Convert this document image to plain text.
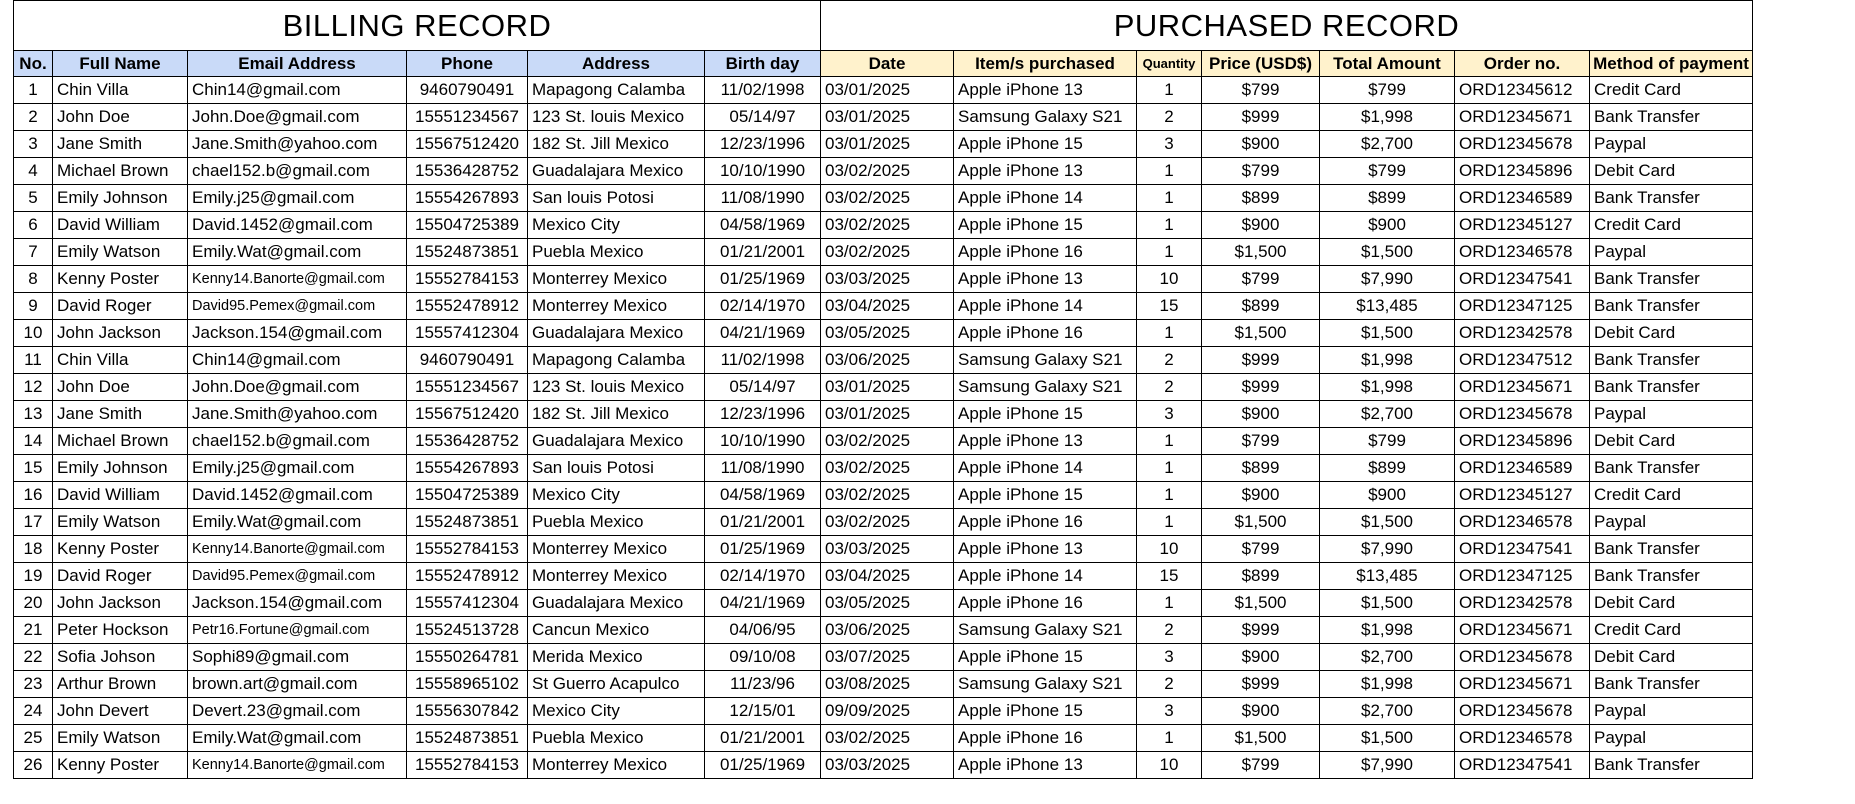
BILLING RECORD						PURCHASED RECORD						
No.	Full Name	Email Address	Phone	Address	Birth day	Date	Item/s purchased	Quantity	Price (USD$)	Total Amount	Order no.	Method of payment
1	Chin Villa	Chin14@gmail.com	9460790491	Mapagong Calamba	11/02/1998	03/01/2025	Apple iPhone 13	1	$799	$799	ORD12345612	Credit Card
2	John Doe	John.Doe@gmail.com	15551234567	123 St. louis Mexico	05/14/97	03/01/2025	Samsung Galaxy S21	2	$999	$1,998	ORD12345671	Bank Transfer
3	Jane Smith	Jane.Smith@yahoo.com	15567512420	182 St. Jill Mexico	12/23/1996	03/01/2025	Apple iPhone 15	3	$900	$2,700	ORD12345678	Paypal
4	Michael Brown	chael152.b@gmail.com	15536428752	Guadalajara Mexico	10/10/1990	03/02/2025	Apple iPhone 13	1	$799	$799	ORD12345896	Debit Card
5	Emily Johnson	Emily.j25@gmail.com	15554267893	San louis Potosi	11/08/1990	03/02/2025	Apple iPhone 14	1	$899	$899	ORD12346589	Bank Transfer
6	David William	David.1452@gmail.com	15504725389	Mexico City	04/58/1969	03/02/2025	Apple iPhone 15	1	$900	$900	ORD12345127	Credit Card
7	Emily Watson	Emily.Wat@gmail.com	15524873851	Puebla Mexico	01/21/2001	03/02/2025	Apple iPhone 16	1	$1,500	$1,500	ORD12346578	Paypal
8	Kenny Poster	Kenny14.Banorte@gmail.com	15552784153	Monterrey Mexico	01/25/1969	03/03/2025	Apple iPhone 13	10	$799	$7,990	ORD12347541	Bank Transfer
9	David Roger	David95.Pemex@gmail.com	15552478912	Monterrey Mexico	02/14/1970	03/04/2025	Apple iPhone 14	15	$899	$13,485	ORD12347125	Bank Transfer
10	John Jackson	Jackson.154@gmail.com	15557412304	Guadalajara Mexico	04/21/1969	03/05/2025	Apple iPhone 16	1	$1,500	$1,500	ORD12342578	Debit Card
11	Chin Villa	Chin14@gmail.com	9460790491	Mapagong Calamba	11/02/1998	03/06/2025	Samsung Galaxy S21	2	$999	$1,998	ORD12347512	Bank Transfer
12	John Doe	John.Doe@gmail.com	15551234567	123 St. louis Mexico	05/14/97	03/01/2025	Samsung Galaxy S21	2	$999	$1,998	ORD12345671	Bank Transfer
13	Jane Smith	Jane.Smith@yahoo.com	15567512420	182 St. Jill Mexico	12/23/1996	03/01/2025	Apple iPhone 15	3	$900	$2,700	ORD12345678	Paypal
14	Michael Brown	chael152.b@gmail.com	15536428752	Guadalajara Mexico	10/10/1990	03/02/2025	Apple iPhone 13	1	$799	$799	ORD12345896	Debit Card
15	Emily Johnson	Emily.j25@gmail.com	15554267893	San louis Potosi	11/08/1990	03/02/2025	Apple iPhone 14	1	$899	$899	ORD12346589	Bank Transfer
16	David William	David.1452@gmail.com	15504725389	Mexico City	04/58/1969	03/02/2025	Apple iPhone 15	1	$900	$900	ORD12345127	Credit Card
17	Emily Watson	Emily.Wat@gmail.com	15524873851	Puebla Mexico	01/21/2001	03/02/2025	Apple iPhone 16	1	$1,500	$1,500	ORD12346578	Paypal
18	Kenny Poster	Kenny14.Banorte@gmail.com	15552784153	Monterrey Mexico	01/25/1969	03/03/2025	Apple iPhone 13	10	$799	$7,990	ORD12347541	Bank Transfer
19	David Roger	David95.Pemex@gmail.com	15552478912	Monterrey Mexico	02/14/1970	03/04/2025	Apple iPhone 14	15	$899	$13,485	ORD12347125	Bank Transfer
20	John Jackson	Jackson.154@gmail.com	15557412304	Guadalajara Mexico	04/21/1969	03/05/2025	Apple iPhone 16	1	$1,500	$1,500	ORD12342578	Debit Card
21	Peter Hockson	Petr16.Fortune@gmail.com	15524513728	Cancun Mexico	04/06/95	03/06/2025	Samsung Galaxy S21	2	$999	$1,998	ORD12345671	Credit Card
22	Sofia Johson	Sophi89@gmail.com	15550264781	Merida Mexico	09/10/08	03/07/2025	Apple iPhone 15	3	$900	$2,700	ORD12345678	Debit Card
23	Arthur Brown	brown.art@gmail.com	15558965102	St Guerro Acapulco	11/23/96	03/08/2025	Samsung Galaxy S21	2	$999	$1,998	ORD12345671	Bank Transfer
24	John Devert	Devert.23@gmail.com	15556307842	Mexico City	12/15/01	09/09/2025	Apple iPhone 15	3	$900	$2,700	ORD12345678	Paypal
25	Emily Watson	Emily.Wat@gmail.com	15524873851	Puebla Mexico	01/21/2001	03/02/2025	Apple iPhone 16	1	$1,500	$1,500	ORD12346578	Paypal
26	Kenny Poster	Kenny14.Banorte@gmail.com	15552784153	Monterrey Mexico	01/25/1969	03/03/2025	Apple iPhone 13	10	$799	$7,990	ORD12347541	Bank Transfer
